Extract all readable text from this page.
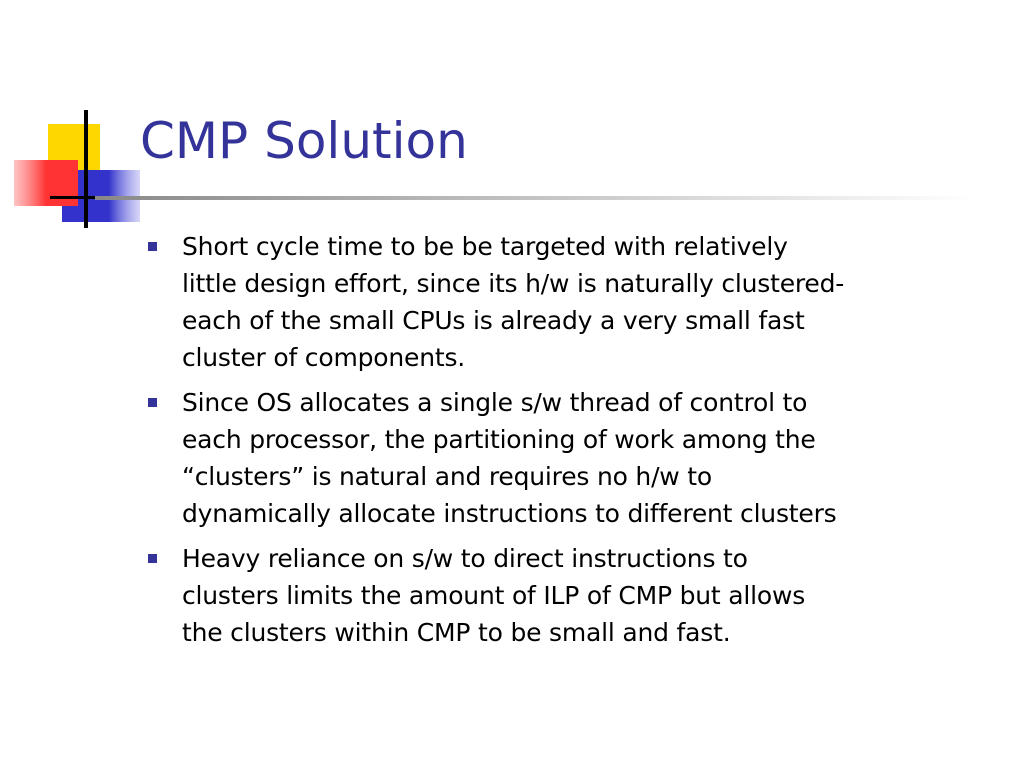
CMP Solution
Short cycle time to be be targeted with relatively
little design effort, since its h/w is naturally clustered-
each of the small CPUs is already a very small fast
cluster of components.
Since OS allocates a single s/w thread of control to
each processor, the partitioning of work among the
“clusters” is natural and requires no h/w to
dynamically allocate instructions to different clusters
Heavy reliance on s/w to direct instructions to
clusters limits the amount of ILP of CMP but allows
the clusters within CMP to be small and fast.
